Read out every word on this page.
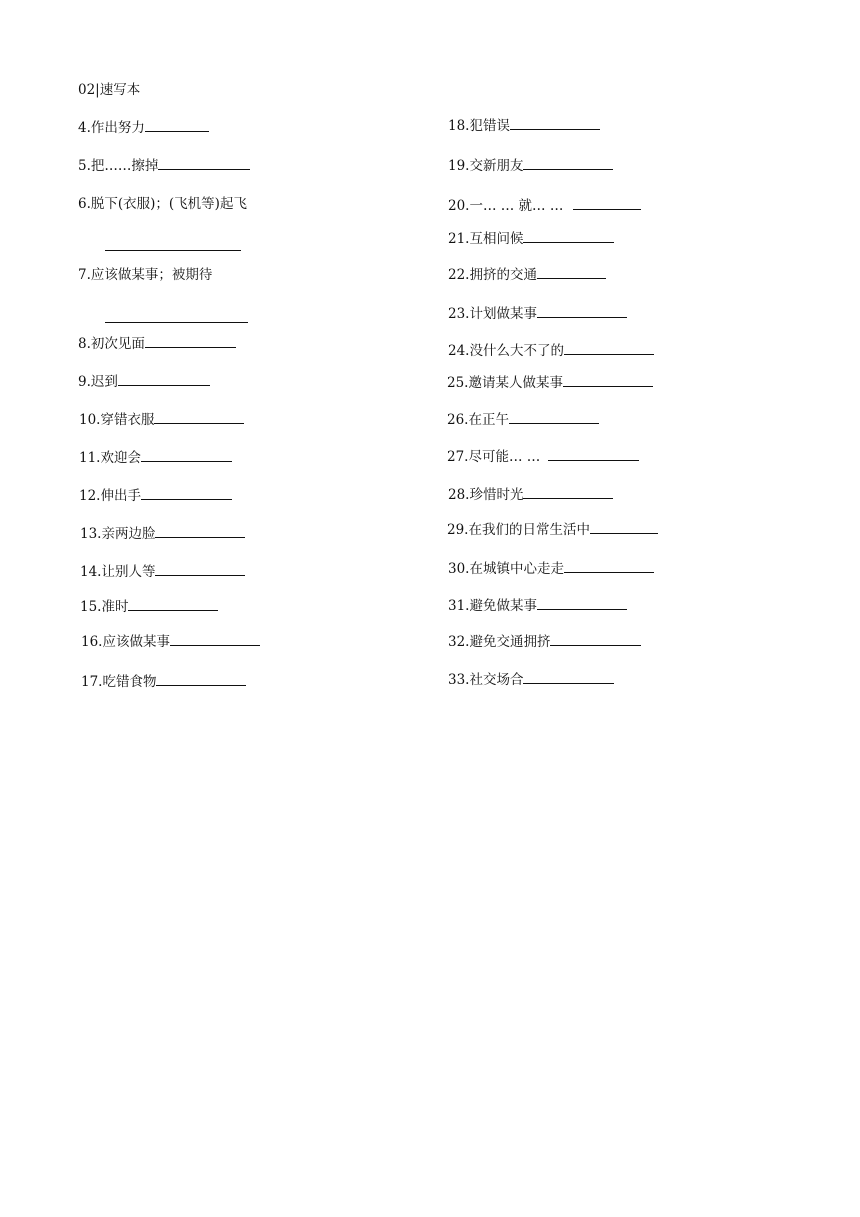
02|速写本
4.作出努力
5.把……擦掉
6.脱下(衣服)；(飞机等)起飞
7.应该做某事；被期待
8.初次见面
9.迟到
10.穿错衣服
11.欢迎会
12.伸出手
13.亲两边脸
14.让别人等
15.准时
16.应该做某事
17.吃错食物
18.犯错误
19.交新朋友
20.一… … 就… …
21.互相问候
22.拥挤的交通
23.计划做某事
24.没什么大不了的
25.邀请某人做某事
26.在正午
27.尽可能… …
28.珍惜时光
29.在我们的日常生活中
30.在城镇中心走走
31.避免做某事
32.避免交通拥挤
33.社交场合
